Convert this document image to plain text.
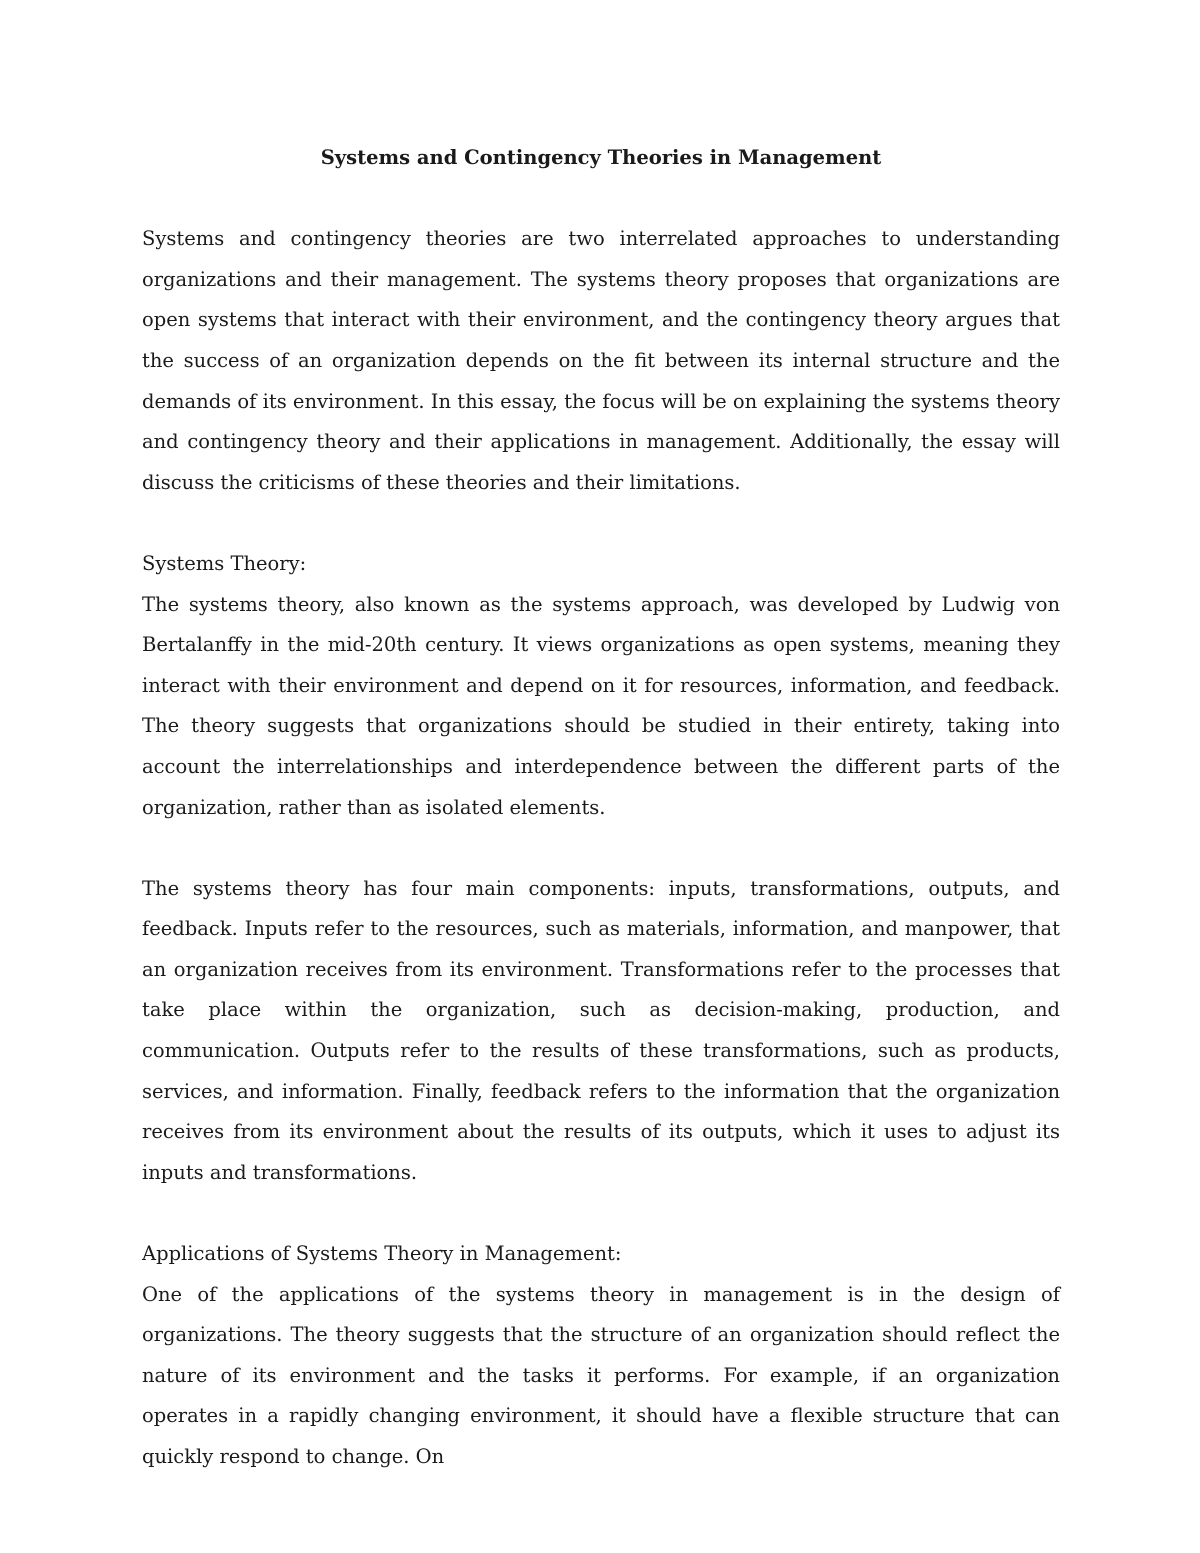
Systems and Contingency Theories in Management

Systems and contingency theories are two interrelated approaches to understanding organizations and their management. The systems theory proposes that organizations are open systems that interact with their environment, and the contingency theory argues that the success of an organization depends on the fit between its internal structure and the demands of its environment. In this essay, the focus will be on explaining the systems theory and contingency theory and their applications in management. Additionally, the essay will discuss the criticisms of these theories and their limitations.

Systems Theory:

The systems theory, also known as the systems approach, was developed by Ludwig von Bertalanffy in the mid-20th century. It views organizations as open systems, meaning they interact with their environment and depend on it for resources, information, and feedback. The theory suggests that organizations should be studied in their entirety, taking into account the interrelationships and interdependence between the different parts of the organization, rather than as isolated elements.

The systems theory has four main components: inputs, transformations, outputs, and feedback. Inputs refer to the resources, such as materials, information, and manpower, that an organization receives from its environment. Transformations refer to the processes that take place within the organization, such as decision-making, production, and communication. Outputs refer to the results of these transformations, such as products, services, and information. Finally, feedback refers to the information that the organization receives from its environment about the results of its outputs, which it uses to adjust its inputs and transformations.

Applications of Systems Theory in Management:

One of the applications of the systems theory in management is in the design of organizations. The theory suggests that the structure of an organization should reflect the nature of its environment and the tasks it performs. For example, if an organization operates in a rapidly changing environment, it should have a flexible structure that can quickly respond to change. On
